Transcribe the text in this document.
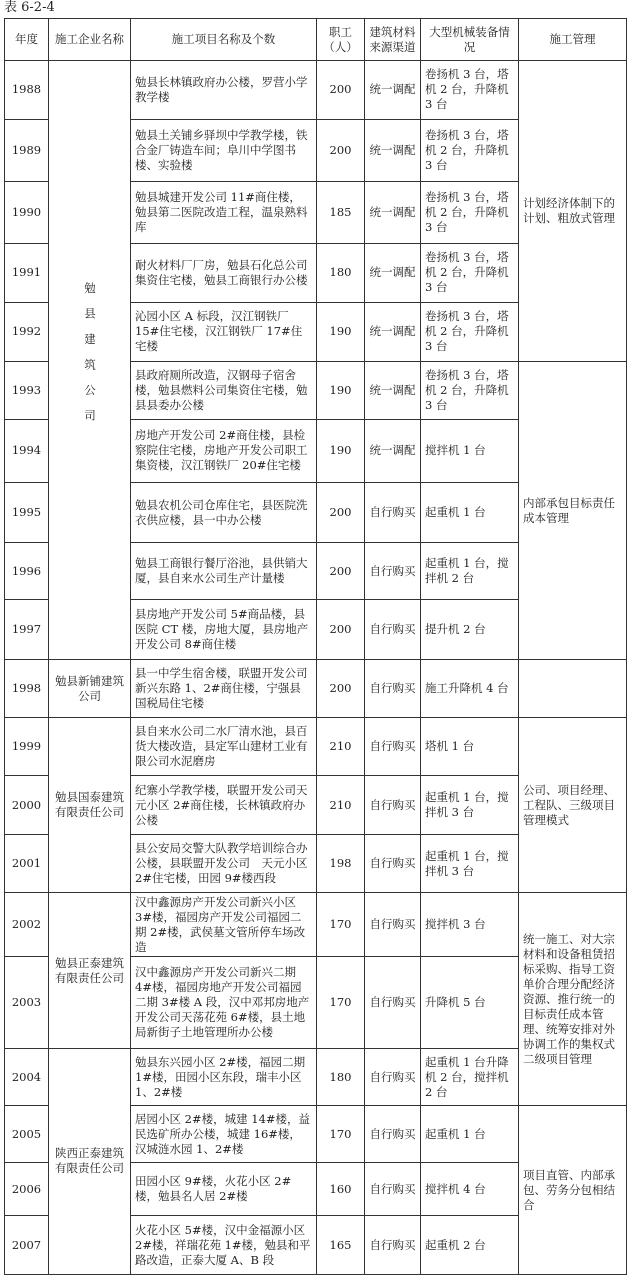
表 6-2-4
年度	施工企业名称	施工项目名称及个数	职工（人）	建筑材料来源渠道	大型机械装备情况	施工管理
1988	勉县建筑公司	勉县长林镇政府办公楼，罗营小学教学楼	200	统一调配	卷扬机 3 台，塔机 2 台，升降机 3 台	计划经济体制下的计划、粗放式管理
1989		勉县土关铺乡驿坝中学教学楼，铁合金厂铸造车间；阜川中学图书楼、实验楼	200	统一调配	卷扬机 3 台，塔机 2 台，升降机 3 台	
1990		勉县城建开发公司 11#商住楼，勉县第二医院改造工程，温泉熟料库	185	统一调配	卷扬机 3 台，塔机 2 台，升降机 3 台	
1991		耐火材料厂厂房，勉县石化总公司集资住宅楼，勉县工商银行办公楼	180	统一调配	卷扬机 3 台，塔机 2 台，升降机 3 台	
1992		沁园小区 A 标段，汉江钢铁厂 15#住宅楼，汉江钢铁厂 17#住宅楼	190	统一调配	卷扬机 3 台，塔机 2 台，升降机 3 台	
1993		县政府厕所改造，汉钢母子宿舍楼，勉县燃料公司集资住宅楼，勉县县委办公楼	190	统一调配	卷扬机 3 台，塔机 2 台，升降机 3 台	内部承包目标责任成本管理
1994		房地产开发公司 2#商住楼，县检察院住宅楼，房地产开发公司职工集资楼，汉江钢铁厂 20#住宅楼	190	统一调配	搅拌机 1 台	
1995		勉县农机公司仓库住宅，县医院洗衣供应楼，县一中办公楼	200	自行购买	起重机 1 台	
1996		勉县工商银行餐厅浴池，县供销大厦，县自来水公司生产计量楼	200	自行购买	起重机 1 台，搅拌机 2 台	
1997		县房地产开发公司 5#商品楼，县医院 CT 楼，房地大厦，县房地产开发公司 8#商住楼	200	自行购买	提升机 2 台	
1998	勉县新铺建筑公司	县一中学生宿舍楼，联盟开发公司新兴东路 1、2#商住楼，宁强县国税局住宅楼	200	自行购买	施工升降机 4 台	
1999	勉县国泰建筑有限责任公司	县自来水公司二水厂清水池，县百货大楼改造，县定军山建材工业有限公司水泥磨房	210	自行购买	塔机 1 台	公司、项目经理、工程队、三级项目管理模式
2000		纪寨小学教学楼，联盟开发公司天元小区 2#商住楼，长林镇政府办公楼	210	自行购买	起重机 1 台，搅拌机 3 台	
2001		县公安局交警大队教学培训综合办公楼，县联盟开发公司　天元小区 2#住宅楼，田园 9#楼西段	198	自行购买	起重机 1 台，搅拌机 3 台	
2002	勉县正泰建筑有限责任公司	汉中鑫源房产开发公司新兴小区 3#楼，福园房产开发公司福园二期 2#楼，武侯墓文管所停车场改造	170	自行购买	搅拌机 3 台	统一施工、对大宗材料和设备租赁招标采购、指导工资单价合理分配经济资源、推行统一的目标责任成本管理、统筹安排对外协调工作的集权式二级项目管理
2003		汉中鑫源房产开发公司新兴二期 4#楼，福园房地产开发公司福园二期 3#楼 A 段，汉中邓邦房地产开发公司天荡花苑 6#楼，县土地局新街子土地管理所办公楼	170	自行购买	升降机 5 台	
2004	陕西正泰建筑有限责任公司	勉县东兴园小区 2#楼，福园二期 1#楼，田园小区东段，瑞丰小区 1、2#楼	180	自行购买	起重机 1 台升降机 2 台，搅拌机 2 台	
2005		居园小区 2#楼，城建 14#楼，益民选矿所办公楼，城建 16#楼，汉城涟水园 1、2#楼	170	自行购买	起重机 1 台	项目直管、内部承包、劳务分包相结合
2006		田园小区 9#楼，火花小区 2#楼，勉县名人居 2#楼	160	自行购买	搅拌机 4 台	
2007		火花小区 5#楼，汉中金福源小区 2#楼，祥瑞花苑 1#楼，勉县和平路改造，正泰大厦 A、B 段	165	自行购买	起重机 2 台	
